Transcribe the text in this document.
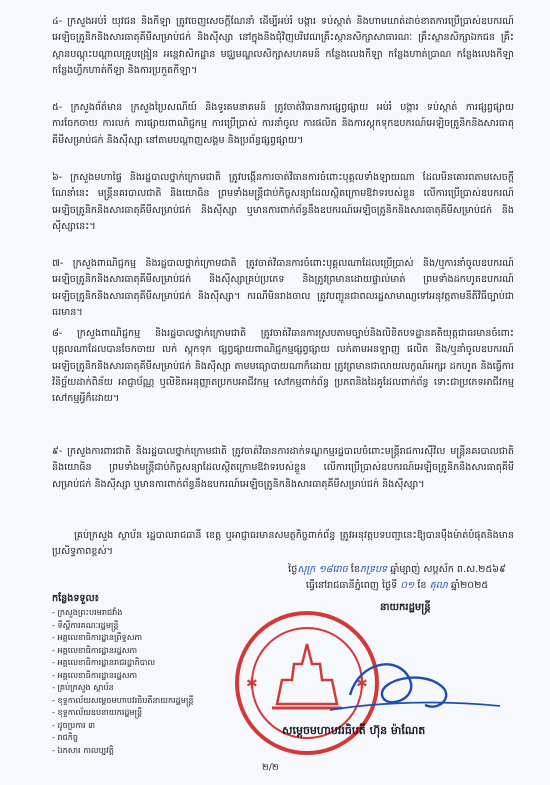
៤- ក្រសួងអប់រំ យុវជន និងកីឡា ត្រូវចេញសេចក្តីណែនាំ ដើម្បីអប់រំ បង្ការ ទប់ស្កាត់ និងហាមឃាត់ដាច់ខាតការប្រើប្រាស់ឧបករណ៍អេឡិចត្រូនិកនិងសារធាតុគីមីសម្រាប់ជក់ និងស៊ីស្សា នៅក្នុងនិងជុំវិញបរិវេណគ្រឹះស្ថានសិក្សាសាធារណៈ គ្រឹះស្ថានសិក្សាឯកជន គ្រឹះស្ថានបណ្តុះបណ្តាលគ្រូបង្រៀន អន្តេវាសិកដ្ឋាន មជ្ឈមណ្ឌលសិក្សាសហគមន៍ កន្លែងលេងកីឡា កន្លែងហាត់ប្រាណ កន្លែងលេងកីឡា កន្លែងហ្វឹកហាត់កីឡា និងការប្រកួតកីឡា។
៥- ក្រសួងព័ត៌មាន ក្រសួងប្រៃសណីយ៍ និងទូរគមនាគមន៍ ត្រូវចាត់វិធានការផ្សព្វផ្សាយ អប់រំ បង្ការ ទប់ស្កាត់ ការផ្សព្វផ្សាយ ការចែកចាយ ការលក់ ការផ្សាយពាណិជ្ជកម្ម ការប្រើប្រាស់ ការនាំចូល ការផលិត និងការស្តុកទុកឧបករណ៍អេឡិចត្រូនិកនិងសារធាតុគីមីសម្រាប់ជក់ និងស៊ីស្សា នៅតាមបណ្តាញសង្គម និងប្រព័ន្ធផ្សព្វផ្សាយ។
៦- ក្រសួងមហាផ្ទៃ និងរដ្ឋបាលថ្នាក់ក្រោមជាតិ ត្រូវបង្កើនការចាត់វិធានការចំពោះបុគ្គលទាំងឡាយណា ដែលមិនគោរពតាមសេចក្តីណែនាំនេះ មន្ត្រីនគរបាលជាតិ និងយោធិន ព្រមទាំងមន្ត្រីជាប់កិច្ចសន្យាដែលស្ថិតក្រោមឱវាទរបស់ខ្លួន លើការប្រើប្រាស់ឧបករណ៍អេឡិចត្រូនិកនិងសារធាតុគីមីសម្រាប់ជក់ និងស៊ីស្សា ឬមានការពាក់ព័ន្ធនឹងឧបករណ៍អេឡិចត្រូនិកនិងសារធាតុគីមីសម្រាប់ជក់ និងស៊ីស្សានេះ។
៧- ក្រសួងពាណិជ្ជកម្ម និងរដ្ឋបាលថ្នាក់ក្រោមជាតិ ត្រូវចាត់វិធានការចំពោះបុគ្គលណាដែលប្រើប្រាស់ និង/ឬការនាំចូលឧបករណ៍អេឡិចត្រូនិកនិងសារធាតុគីមីសម្រាប់ជក់ និងស៊ីស្សាគ្រប់ប្រភេទ និងត្រូវព្រមានដោយផ្ទាល់មាត់ ព្រមទាំងដកហូតឧបករណ៍អេឡិចត្រូនិកនិងសារធាតុគីមីសម្រាប់ជក់ និងស៊ីស្សា។ ករណីមិនរាងចាល ត្រូវបញ្ជូនជាពលរដ្ឋសាមាណ្ញទៅអនុវត្តតាមនីតិវិធីច្បាប់ជាធរមាន។
៨- ក្រសួងពាណិជ្ជកម្ម និងរដ្ឋបាលថ្នាក់ក្រោមជាតិ ត្រូវចាត់វិធានការស្របតាមច្បាប់និងលិខិតបទដ្ឋានគតិយុត្តជាធរមានចំពោះបុគ្គលណាដែលបានចែកចាយ លក់ ស្តុកទុក ផ្សព្វផ្សាយពាណិជ្ជកម្មផ្សព្វផ្សាយ លក់តាមអនឡាញ ផលិត និង/ឬនាំចូលឧបករណ៍អេឡិចត្រូនិកនិងសារធាតុគីមីសម្រាប់ជក់ និងស៊ីស្សា តាមមធ្យោបាយណាក៏ដោយ ត្រូវព្រមានជាលាយលក្ខណ៍អក្សរ ដកហូត និងធ្វើការវិនិច្ឆ័យដាក់ពិន័យ អាជ្ញាប័ណ្ណ ឬលិខិតអនុញ្ញាតប្រកបអាជីវកម្ម សៅកម្មពាក់ព័ន្ធ ប្រភពនិងដៃគូដែលពាក់ព័ន្ធ ទោះជាប្រភេទអាជីវកម្ម សៅកម្មអ្វីក៏ដោយ។
៩- ក្រសួងការពារជាតិ និងរដ្ឋបាលថ្នាក់ក្រោមជាតិ ត្រូវចាត់វិធានការដាក់ទណ្ឌកម្មរដ្ឋបាលចំពោះមន្ត្រីរាជការស៊ីវិល មន្ត្រីនគរបាលជាតិ និងយោធិន ព្រមទាំងមន្ត្រីជាប់កិច្ចសន្យាដែលស្ថិតក្រោមឱវាទរបស់ខ្លួន លើការប្រើប្រាស់ឧបករណ៍អេឡិចត្រូនិកនិងសារធាតុគីមីសម្រាប់ជក់ និងស៊ីស្សា ឬមានការពាក់ព័ន្ធនឹងឧបករណ៍អេឡិចត្រូនិកនិងសារធាតុគីមីសម្រាប់ជក់ និងស៊ីស្សា។
គ្រប់ក្រសួង ស្ថាប័ន រដ្ឋបាលរាជធានី ខេត្ត ឬអាជ្ញាធរមានសមត្ថកិច្ចពាក់ព័ន្ធ ត្រូវអនុវត្តបទបញ្ជានេះឱ្យបានម៉ឺងម៉ាត់បំផុតនិងមានប្រសិទ្ធភាពខ្ពស់។
ថ្ងៃសុក្រ ១៨រោច ខែភទ្របទ ឆ្នាំម្សាញ់ សប្តស័ក ព.ស.២៥៦៩
ធ្វើនៅរាជធានីភ្នំពេញ ថ្ងៃទី ០១ ខែ តុលា ឆ្នាំ២០២៥
នាយករដ្ឋមន្ត្រី
✱	✱
សម្តេចមហាបវរធិបតី ហ៊ុន ម៉ាណែត
កន្លែងទទួល៖
- ក្រសួងព្រះបរមរាជវាំង
- ទីស្តីការគណៈរដ្ឋមន្ត្រី
- អគ្គលេខាធិការដ្ឋានព្រឹទ្ធសភា
- អគ្គលេខាធិការដ្ឋានរដ្ឋសភា
- អគ្គលេខាធិការដ្ឋានរាជរដ្ឋាភិបាល
- អគ្គលេខាធិការដ្ឋានរដ្ឋសភា
- គ្រប់ក្រសួង ស្ថាប័ន
- ខុទ្ទកាល័យសម្តេចមហាបវរធិបតីនាយករដ្ឋមន្ត្រី
- ខុទ្ទកាល័យឧបនាយករដ្ឋមន្ត្រី
- ដូចប្រការ ៣
- រាជកិច្ច
- ឯកសារ កាលប្បវត្តិ
២/២
